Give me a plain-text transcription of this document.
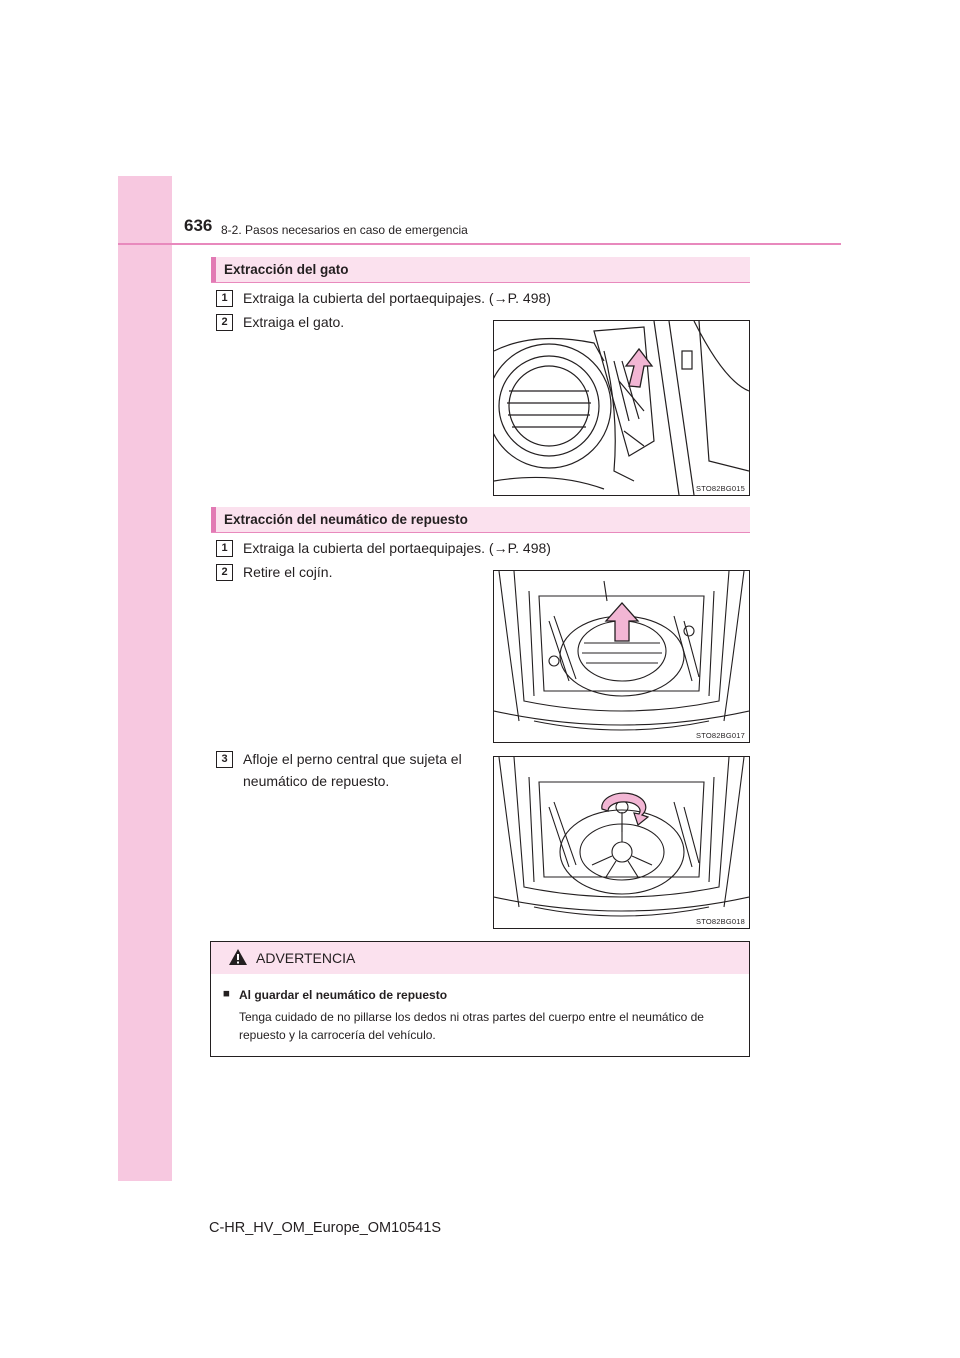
636 8-2. Pasos necesarios en caso de emergencia
Extracción del gato
1	Extraiga la cubierta del portaequipajes. (→P. 498)
2	Extraiga el gato.
STO82BG015
Extracción del neumático de repuesto
1	Extraiga la cubierta del portaequipajes. (→P. 498)
2	Retire el cojín.
STO82BG017
3	Afloje el perno central que sujeta el
neumático de repuesto.
STO82BG018
ADVERTENCIA
■ Al guardar el neumático de repuesto
Tenga cuidado de no pillarse los dedos ni otras partes del cuerpo entre el neumático de repuesto y la carrocería del vehículo.
C-HR_HV_OM_Europe_OM10541S
